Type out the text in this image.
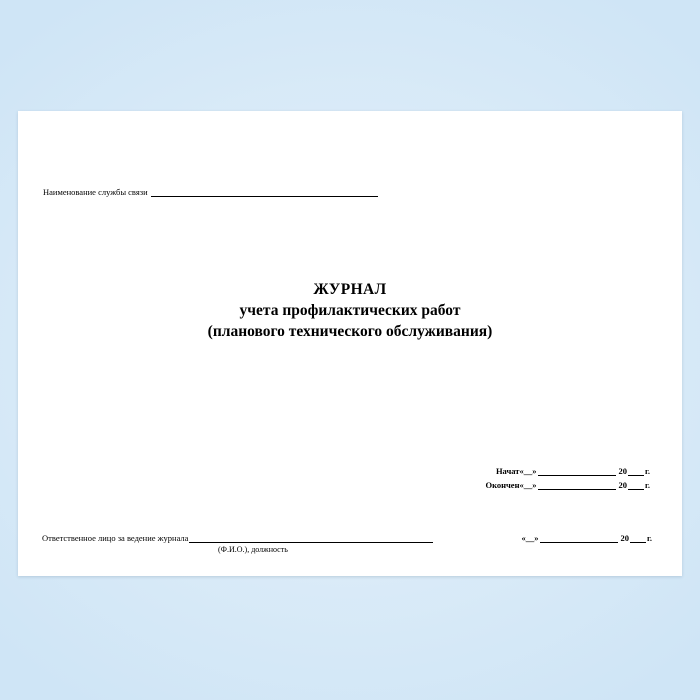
Наименование службы связи
ЖУРНАЛ
учета профилактических работ
(планового технического обслуживания)
Начат «__»	20 г.
Окончен «__»	20 г.
Ответственное лицо за ведение журнала	«__»	20 г.
(Ф.И.О.), должность
